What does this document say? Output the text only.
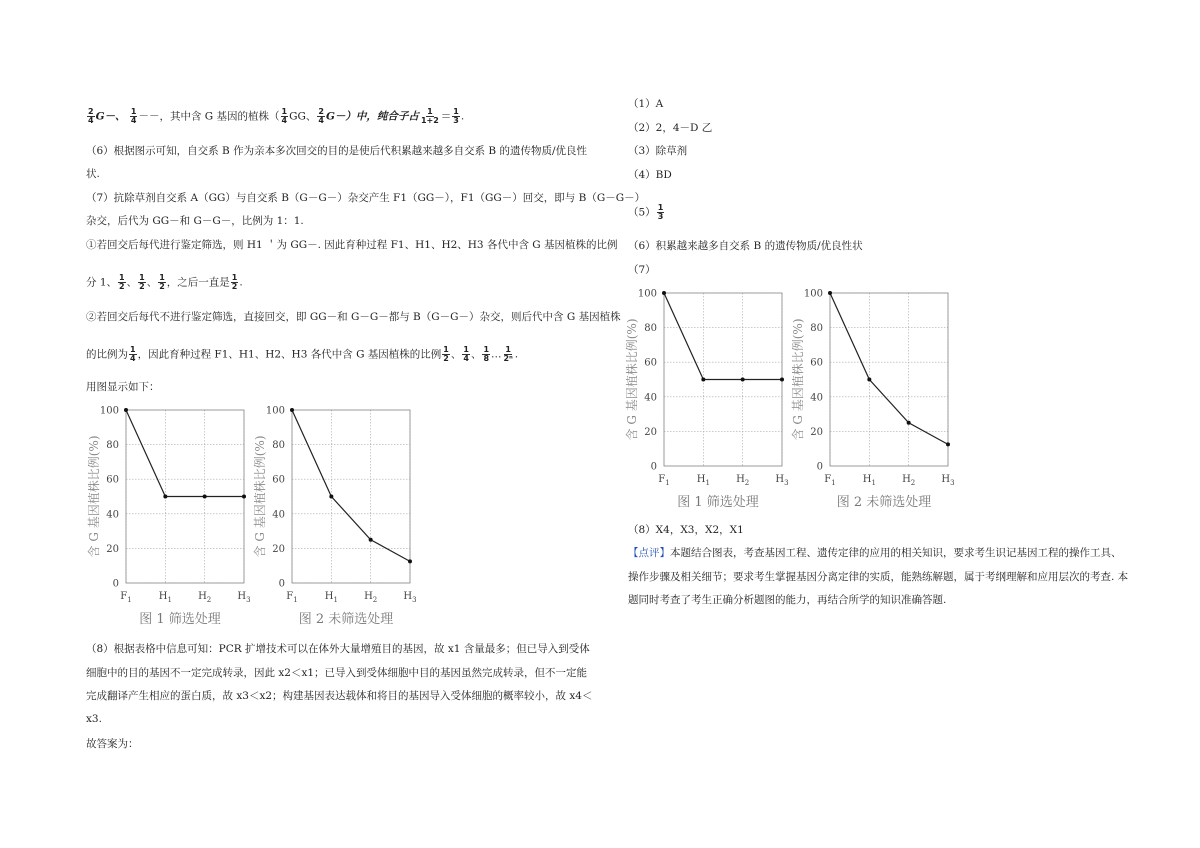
$\frac{2}{4} G-$、 $\frac{1}{4}$ －－，其中含 G 基因的植株（ $\frac{1}{4}$ GG、 $\frac{2}{4} G-$）中，纯合子占 $\frac{1}{1+2} = \frac{1}{3}$ .
（6）根据图示可知，自交系 B 作为亲本多次回交的目的是使后代积累越来越多自交系 B 的遗传物质/优良性
状.
（7）抗除草剂自交系 A（GG）与自交系 B（G－G－）杂交产生 F1（GG－），F1（GG－）回交，即与 B（G－G－）
杂交，后代为 GG－和 G－G－，比例为 1：1.
①若回交后每代进行鉴定筛选，则 H1 ＇为 GG－. 因此育种过程 F1、H1、H2、H3 各代中含 G 基因植株的比例
分 1、 $\frac{1}{2}$ 、 $\frac{1}{2}$ 、 $\frac{1}{2}$ ，之后一直是 $\frac{1}{2}$ .
②若回交后每代不进行鉴定筛选，直接回交，即 GG－和 G－G－都与 B（G－G－）杂交，则后代中含 G 基因植株
的比例为 $\frac{1}{4}$ ，因此育种过程 F1、H1、H2、H3 各代中含 G 基因植株的比例 $\frac{1}{2}$ 、 $\frac{1}{4}$ 、 $\frac{1}{8}$ … $\frac{1}{\text{2ⁿ}}$ .
用图显示如下：
0
20
40
60
80
100
$F_1$	$H_1$	$H_2$	$H_3$
含 G 基因植株比例(%)
图 1 筛选处理
0
20
40
60
80
100
$F_1$	$H_1$	$H_2$	$H_3$
含 G 基因植株比例(%)
图 2 未筛选处理
（8）根据表格中信息可知：PCR 扩增技术可以在体外大量增殖目的基因，故 x1 含量最多；但已导入到受体
细胞中的目的基因不一定完成转录，因此 x2＜x1；已导入到受体细胞中目的基因虽然完成转录，但不一定能
完成翻译产生相应的蛋白质，故 x3＜x2；构建基因表达载体和将目的基因导入受体细胞的概率较小，故 x4＜
x3.
故答案为：
（1）A
（2）2，4－D 乙
（3）除草剂
（4）BD
$(5) \frac{1}{3}$
（6）积累越来越多自交系 B 的遗传物质/优良性状
（7）
0
20
40
60
80
100
$F_1$	$H_1$	$H_2$	$H_3$
含 G 基因植株比例(%)
图 1 筛选处理
0
20
40
60
80
100
$F_1$	$H_1$	$H_2$	$H_3$
含 G 基因植株比例(%)
图 2 未筛选处理
（8）X4，X3，X2，X1
【点评】本题结合图表，考查基因工程、遗传定律的应用的相关知识，要求考生识记基因工程的操作工具、
操作步骤及相关细节；要求考生掌握基因分离定律的实质，能熟练解题，属于考纲理解和应用层次的考查. 本
题同时考查了考生正确分析题图的能力，再结合所学的知识准确答题.
